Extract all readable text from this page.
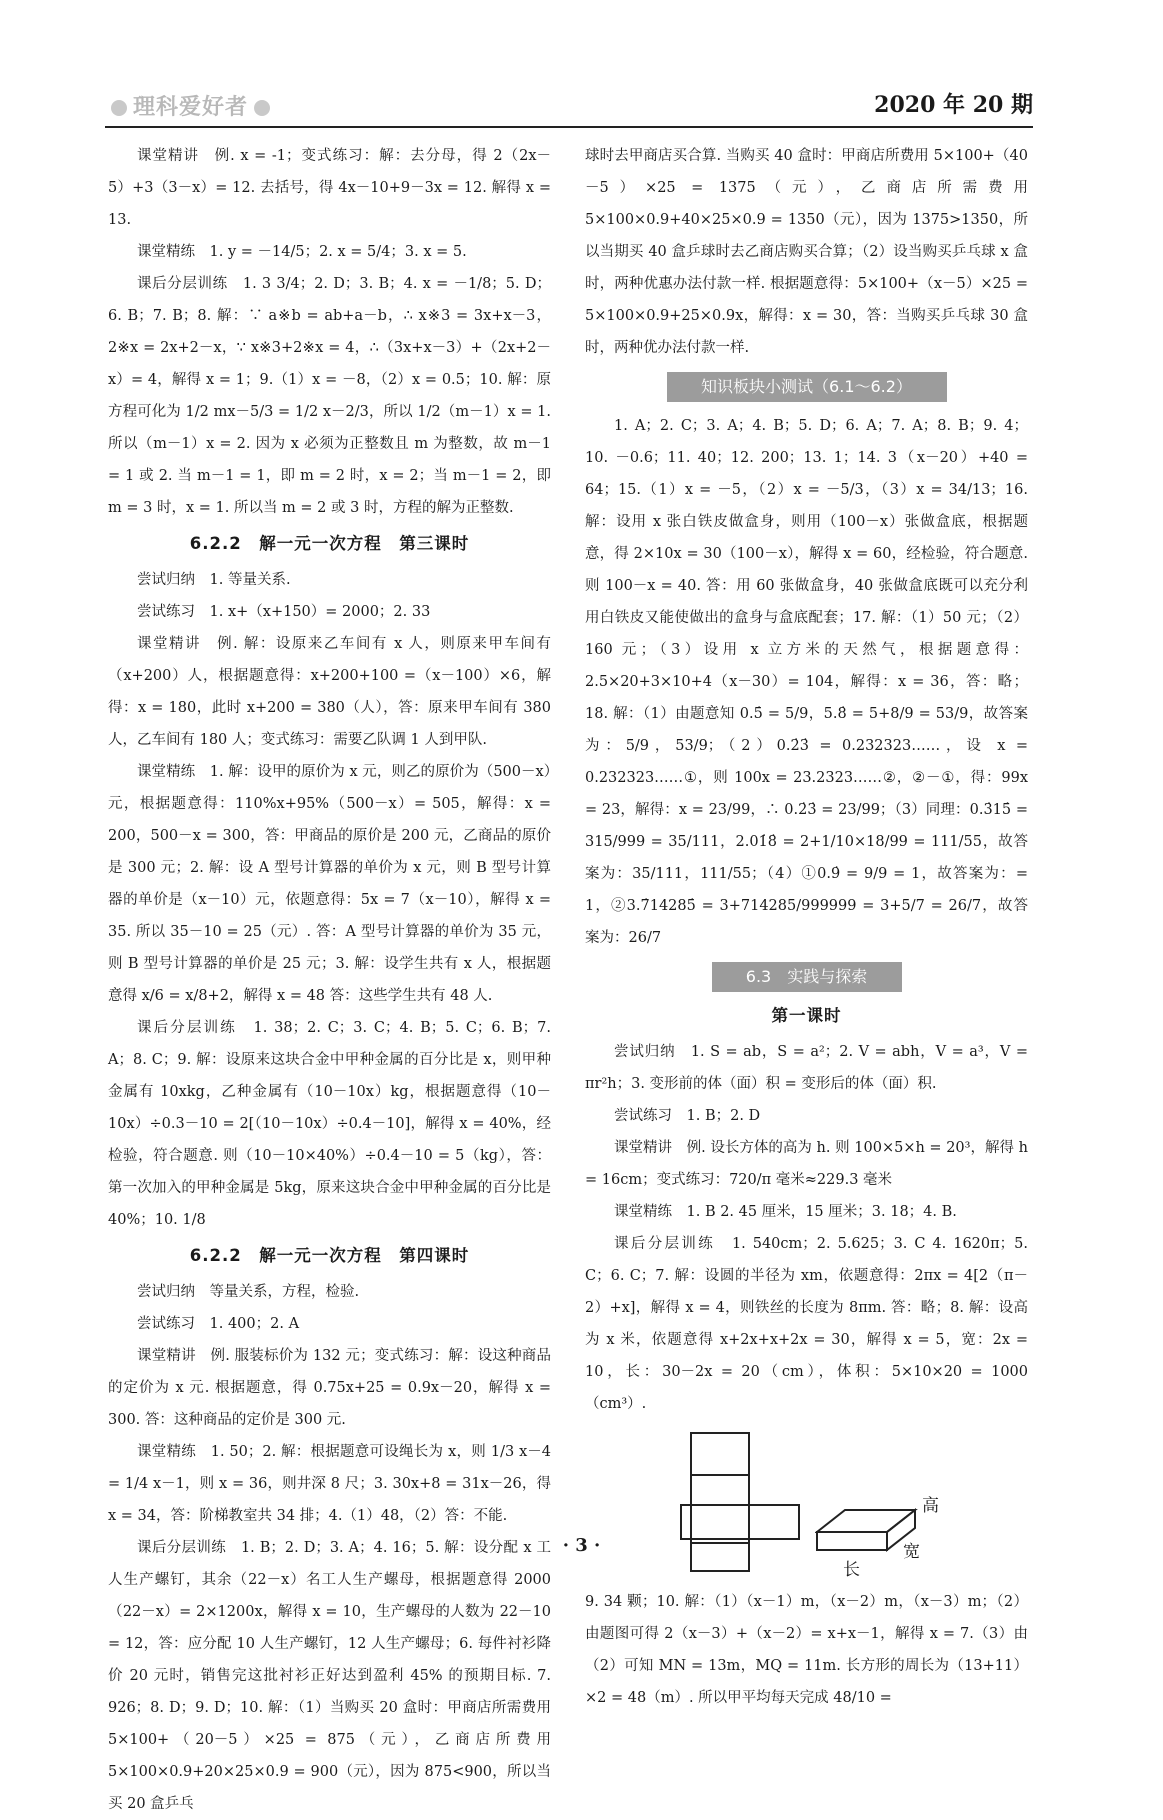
理科爱好者	2020 年 20 期

课堂精讲　例. x = -1；变式练习：解：去分母，得 2（2x－5）+3（3－x）= 12. 去括号，得 4x－10+9－3x = 12. 解得 x = 13.

课堂精练　1. y = －14/5；2. x = 5/4；3. x = 5.

课后分层训练　1. 3 3/4；2. D；3. B；4. x = －1/8；5. D；6. B；7. B；8. 解：∵ a※b = ab+a－b，∴ x※3 = 3x+x－3，2※x = 2x+2－x，∵ x※3+2※x = 4，∴（3x+x－3）+（2x+2－x）= 4，解得 x = 1；9.（1）x = －8，（2）x = 0.5；10. 解：原方程可化为 1/2 mx－5/3 = 1/2 x－2/3，所以 1/2（m－1）x = 1. 所以（m－1）x = 2. 因为 x 必须为正整数且 m 为整数，故 m－1 = 1 或 2. 当 m－1 = 1，即 m = 2 时，x = 2；当 m－1 = 2，即 m = 3 时，x = 1. 所以当 m = 2 或 3 时，方程的解为正整数.

6.2.2　解一元一次方程　第三课时

尝试归纳　1. 等量关系.

尝试练习　1. x+（x+150）= 2000；2. 33

课堂精讲　例. 解：设原来乙车间有 x 人，则原来甲车间有（x+200）人，根据题意得：x+200+100 =（x－100）×6，解得：x = 180，此时 x+200 = 380（人），答：原来甲车间有 380 人，乙车间有 180 人；变式练习：需要乙队调 1 人到甲队.

课堂精练　1. 解：设甲的原价为 x 元，则乙的原价为（500－x）元，根据题意得：110%x+95%（500－x）= 505，解得：x = 200，500－x = 300，答：甲商品的原价是 200 元，乙商品的原价是 300 元；2. 解：设 A 型号计算器的单价为 x 元，则 B 型号计算器的单价是（x－10）元，依题意得：5x = 7（x－10），解得 x = 35. 所以 35－10 = 25（元）. 答：A 型号计算器的单价为 35 元，则 B 型号计算器的单价是 25 元；3. 解：设学生共有 x 人，根据题意得 x/6 = x/8+2，解得 x = 48 答：这些学生共有 48 人.

课后分层训练　1. 38；2. C；3. C；4. B；5. C；6. B；7. A；8. C；9. 解：设原来这块合金中甲种金属的百分比是 x，则甲种金属有 10xkg，乙种金属有（10－10x）kg，根据题意得（10－10x）÷0.3－10 = 2[（10－10x）÷0.4－10]，解得 x = 40%，经检验，符合题意. 则（10－10×40%）÷0.4－10 = 5（kg），答：第一次加入的甲种金属是 5kg，原来这块合金中甲种金属的百分比是 40%；10. 1/8

6.2.2　解一元一次方程　第四课时

尝试归纳　等量关系，方程，检验.

尝试练习　1. 400；2. A

课堂精讲　例. 服装标价为 132 元；变式练习：解：设这种商品的定价为 x 元. 根据题意，得 0.75x+25 = 0.9x－20，解得 x = 300. 答：这种商品的定价是 300 元.

课堂精练　1. 50；2. 解：根据题意可设绳长为 x，则 1/3 x－4 = 1/4 x－1，则 x = 36，则井深 8 尺；3. 30x+8 = 31x－26，得 x = 34，答：阶梯教室共 34 排；4.（1）48，（2）答：不能.

课后分层训练　1. B；2. D；3. A；4. 16；5. 解：设分配 x 工人生产螺钉，其余（22－x）名工人生产螺母，根据题意得 2000（22－x）= 2×1200x，解得 x = 10，生产螺母的人数为 22－10 = 12，答：应分配 10 人生产螺钉，12 人生产螺母；6. 每件衬衫降价 20 元时，销售完这批衬衫正好达到盈利 45% 的预期目标. 7. 926；8. D；9. D；10. 解：（1）当购买 20 盒时：甲商店所需费用 5×100+（20－5）×25 = 875（元），乙商店所费用 5×100×0.9+20×25×0.9 = 900（元），因为 875<900，所以当买 20 盒乒乓

球时去甲商店买合算. 当购买 40 盒时：甲商店所费用 5×100+（40－5）×25 = 1375（元），乙商店所需费用 5×100×0.9+40×25×0.9 = 1350（元），因为 1375>1350，所以当期买 40 盒乒球时去乙商店购买合算；（2）设当购买乒乓球 x 盒时，两种优惠办法付款一样. 根据题意得：5×100+（x－5）×25 = 5×100×0.9+25×0.9x，解得：x = 30，答：当购买乒乓球 30 盒时，两种优办法付款一样.

知识板块小测试（6.1～6.2）

1. A；2. C；3. A；4. B；5. D；6. A；7. A；8. B；9. 4；10. －0.6；11. 40；12. 200；13. 1；14. 3（x－20）+40 = 64；15.（1）x = －5，（2）x = －5/3，（3）x = 34/13；16. 解：设用 x 张白铁皮做盒身，则用（100－x）张做盒底，根据题意，得 2×10x = 30（100－x），解得 x = 60，经检验，符合题意. 则 100－x = 40. 答：用 60 张做盒身，40 张做盒底既可以充分利用白铁皮又能使做出的盒身与盒底配套；17. 解：（1）50 元；（2）160 元；（3）设用 x 立方米的天然气，根据题意得：2.5×20+3×10+4（x－30）= 104，解得：x = 36，答：略；18. 解：（1）由题意知 0.5̇ = 5/9，5.8̇ = 5+8/9 = 53/9，故答案为：5/9，53/9；（2）0.2̇3̇ = 0.232323……，设 x = 0.232323……①，则 100x = 23.2323……②，②－①，得：99x = 23，解得：x = 23/99，∴ 0.2̇3̇ = 23/99；（3）同理：0.3̇15̇ = 315/999 = 35/111，2.01̇8̇ = 2+1/10×18/99 = 111/55，故答案为：35/111，111/55；（4）①0.9̇ = 9/9 = 1，故答案为：= 1，②3.7̇14285̇ = 3+714285/999999 = 3+5/7 = 26/7，故答案为：26/7

6.3　实践与探索
第一课时

尝试归纳　1. S = ab，S = a²；2. V = abh，V = a³，V = πr²h；3. 变形前的体（面）积 = 变形后的体（面）积.

尝试练习　1. B；2. D

课堂精讲　例. 设长方体的高为 h. 则 100×5×h = 20³，解得 h = 16cm；变式练习：720/π 毫米≈229.3 毫米

课堂精练　1. B 2. 45 厘米，15 厘米；3. 18；4. B.

课后分层训练　1. 540cm；2. 5.625；3. C 4. 1620π；5. C；6. C；7. 解：设圆的半径为 xm，依题意得：2πx = 4[2（π－2）+x]，解得 x = 4，则铁丝的长度为 8πm. 答：略；8. 解：设高为 x 米，依题意得 x+2x+x+2x = 30，解得 x = 5，宽：2x = 10，长：30－2x = 20（cm），体积：5×10×20 = 1000（cm³）.

高
宽
长

9. 34 颗；10. 解：（1）（x－1）m，（x－2）m，（x－3）m；（2）由题图可得 2（x－3）+（x－2）= x+x－1，解得 x = 7.（3）由（2）可知 MN = 13m，MQ = 11m. 长方形的周长为（13+11）×2 = 48（m）. 所以甲平均每天完成 48/10 =

· 3 ·
